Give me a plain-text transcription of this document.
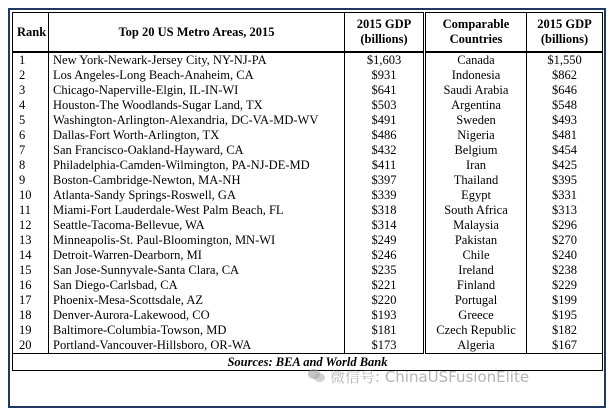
Rank	Top 20 US Metro Areas, 2015	2015 GDP (billions)	Comparable Countries	2015 GDP (billions)
1	New York-Newark-Jersey City, NY-NJ-PA	$1,603	Canada	$1,550
2	Los Angeles-Long Beach-Anaheim, CA	$931	Indonesia	$862
3	Chicago-Naperville-Elgin, IL-IN-WI	$641	Saudi Arabia	$646
4	Houston-The Woodlands-Sugar Land, TX	$503	Argentina	$548
5	Washington-Arlington-Alexandria, DC-VA-MD-WV	$491	Sweden	$493
6	Dallas-Fort Worth-Arlington, TX	$486	Nigeria	$481
7	San Francisco-Oakland-Hayward, CA	$432	Belgium	$454
8	Philadelphia-Camden-Wilmington, PA-NJ-DE-MD	$411	Iran	$425
9	Boston-Cambridge-Newton, MA-NH	$397	Thailand	$395
10	Atlanta-Sandy Springs-Roswell, GA	$339	Egypt	$331
11	Miami-Fort Lauderdale-West Palm Beach, FL	$318	South Africa	$313
12	Seattle-Tacoma-Bellevue, WA	$314	Malaysia	$296
13	Minneapolis-St. Paul-Bloomington, MN-WI	$249	Pakistan	$270
14	Detroit-Warren-Dearborn, MI	$246	Chile	$240
15	San Jose-Sunnyvale-Santa Clara, CA	$235	Ireland	$238
16	San Diego-Carlsbad, CA	$221	Finland	$229
17	Phoenix-Mesa-Scottsdale, AZ	$220	Portugal	$199
18	Denver-Aurora-Lakewood, CO	$193	Greece	$195
19	Baltimore-Columbia-Towson, MD	$181	Czech Republic	$182
20	Portland-Vancouver-Hillsboro, OR-WA	$173	Algeria	$167
Sources: BEA and World Bank				
微信号: ChinaUSFusionElite
